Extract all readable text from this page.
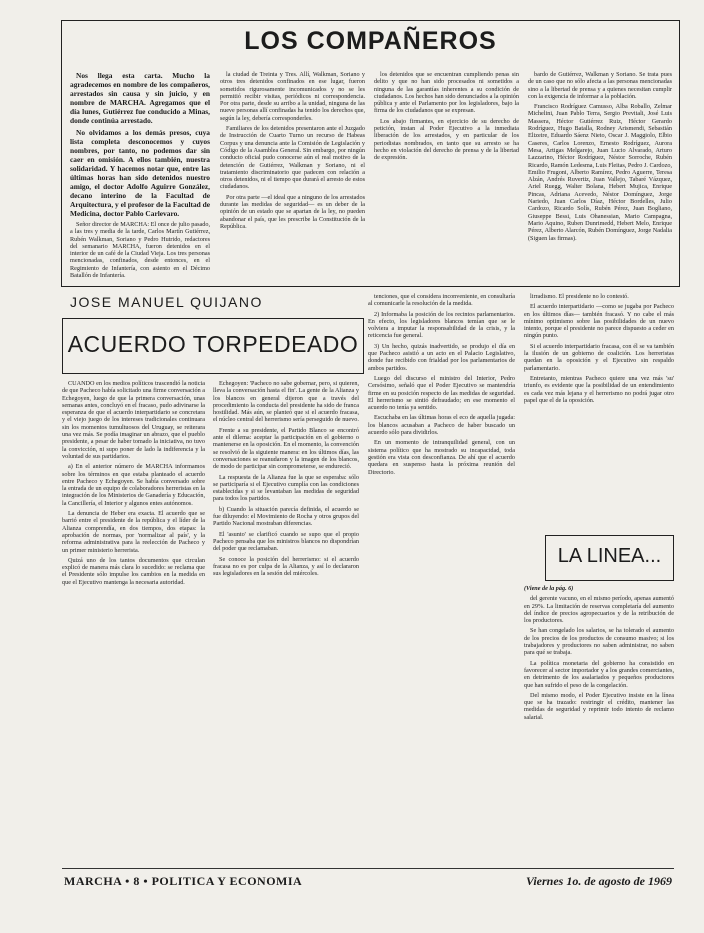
LOS COMPAÑEROS

Nos llega esta carta. Mucho la agradecemos en nombre de los compañeros, arrestados sin causa y sin juicio, y en nombre de MARCHA. Agregamos que el día lunes, Gutiérrez fue conducido a Minas, donde continúa arrestado.

No olvidamos a los demás presos, cuya lista completa desconocemos y cuyos nombres, por tanto, no podemos dar sin caer en omisión. A ellos también, nuestra solidaridad. Y hacemos notar que, entre las últimas horas han sido detenidos nuestro amigo, el doctor Adolfo Aguirre González, decano interino de la Facultad de Arquitectura, y el profesor de la Facultad de Medicina, doctor Pablo Carlevaro.

Señor director de MARCHA: El once de julio pasado, a las tres y media de la tarde, Carlos Martín Gutiérrez, Rubén Walkman, Soriano y Pedro Hutrido, redactores del semanario MARCHA, fueron detenidos en el interior de un café de la Ciudad Vieja. Los tres personas mencionadas, confinados, desde entonces, en el Regimiento de Infantería, con asiento en el Décimo Batallón de Infantería.

la ciudad de Treinta y Tres. Allí, Walkman, Soriano y otros tres detenidos confinados en ese lugar, fueron sometidos rigurosamente incomunicados y no se les permitió recibir visitas, periódicos ni correspondencia. Por otra parte, desde su arribo a la unidad, ninguna de las nueve personas allí confinadas ha tenido los derechos que, según la ley, debería corresponderles.

Familiares de los detenidos presentaron ante el Juzgado de Instrucción de Cuarto Turno un recurso de Habeas Corpus y una denuncia ante la Comisión de Legislación y Código de la Asamblea General. Sin embargo, por ningún conducto oficial pudo conocerse aún el real motivo de la detención de Gutiérrez, Walkman y Soriano, ni el tratamiento discriminatorio que padecen con relación a otros detenidos, ni el tiempo que durará el arresto de estos ciudadanos.

Por otra parte —el ideal que a ninguno de los arrestados durante las medidas de seguridad— es un deber de la opinión de un estado que se apartan de la ley, no pueden abandonar el país, que les prescribe la Constitución de la República.

los detenidos que se encuentran cumpliendo penas sin delito y que no han sido procesados ni sometidos a ninguna de las garantías inherentes a su condición de ciudadanos. Los hechos han sido denunciados a la opinión pública y ante el Parlamento por los legisladores, bajo la firma de los ciudadanos que se expresan.

Los abajo firmantes, en ejercicio de su derecho de petición, instan al Poder Ejecutivo a la inmediata liberación de los arrestados, y en particular de los periodistas nombrados, en tanto que su arresto se ha hecho en violación del derecho de prensa y de la libertad de expresión.

bardo de Gutiérrez, Walkman y Soriano. Se trata pues de un caso que no sólo afecta a las personas mencionadas sino a la libertad de prensa y a quienes necesitan cumplir con la exigencia de informar a la población.

Francisco Rodríguez Camusso, Alba Roballo, Zelmar Michelini, Juan Pablo Terra, Sergio Previtali, José Luis Massera, Héctor Gutiérrez Ruiz, Héctor Gerardo Rodríguez, Hugo Batalla, Rodney Arismendi, Sebastián Elizeire, Eduardo Sáenz Nieto, Oscar J. Maggiolo, Elbio Caseres, Carlos Lorenzo, Ernesto Rodríguez, Aurora Mesa, Artigas Melgarejo, Juan Lucio Alvarado, Arturo Lazzarino, Héctor Rodríguez, Néstor Sorroche, Rubén Ricardo, Ramón Ledesma, Luis Fleitas, Pedro J. Cardozo, Emilio Frugoni, Alberto Ramírez, Pedro Aguerre, Teresa Alzán, Andrés Ruvertiz, Juan Vallejo, Tabaré Vázquez, Ariel Ruegg, Walter Bolana, Hebert Mujica, Enrique Pincas, Adriana Acevedo, Néstor Domínguez, Jorge Nariedo, Juan Carlos Díaz, Héctor Bordelles, Julio Cardozo, Ricardo Solís, Rubén Pérez, Juan Bogliano, Giuseppe Bessi, Luis Ohanessian, Mario Campagna, Mario Aquino, Ruben Dunrimedd, Hebert Melo, Enrique Pérez, Alberto Alarcón, Rubén Domínguez, Jorge Nadalia (Siguen las firmas).

JOSE MANUEL QUIJANO
ACUERDO TORPEDEADO

CUANDO en los medios políticos trascendió la noticia de que Pacheco había solicitado una firme conversación a Echegoyen, luego de que la primera conversación, unas semanas antes, concluyó en el fracaso, pudo adivinarse la esperanza de que el acuerdo interpartidario se concretara y el viejo juego de los intereses tradicionales continuara sin los momentos tumultuosos del Uruguay, se reiterara una vez más. Se podía imaginar un abrazo, que el pueblo presidente, a pesar de haber tomado la iniciativa, no tuvo la convicción, ni supo poner de lado la indiferencia y la voluntad de sus partidarios.

a) En el anterior número de MARCHA informamos sobre los términos en que estaba planteado el acuerdo entre Pacheco y Echegoyen. Se había conversado sobre la entrada de un equipo de colaboradores herreristas en la integración de los Ministerios de Ganadería y Educación, la Cancillería, el Interior y algunos entes autónomos.

La denuncia de Heber era exacta. El acuerdo que se barrió entre el presidente de la república y el líder de la Alianza comprendía, en dos tiempos, dos etapas: la aprobación de normas, por 'normalizar al país', y la reforma administrativa para la reelección de Pacheco y un primer ministerio herrerista.

Quizá uno de los tantos documentos que circulan explicó de manera más clara lo sucedido: se reclama que el Presidente sólo impulse los cambios en la medida en que el Ejecutivo mantenga la necesaria autoridad.

Echegoyen: 'Pacheco no sabe gobernar, pero, si quieren, lleva la conversación hasta el fin'. La gente de la Alianza y los blancos en general dijeron que a través del procedimiento la conducta del presidente ha sido de franca hostilidad. Más aún, se planteó que si el acuerdo fracasa, el núcleo central del herrerismo sería perseguido de nuevo.

Frente a su presidente, el Partido Blanco se encontró ante el dilema: aceptar la participación en el gobierno o mantenerse en la oposición. En el momento, la convención se resolvió de la siguiente manera: en los últimos días, las conversaciones se reanudaron y la imagen de los blancos, de modo de participar sin comprometerse, se endureció.

La respuesta de la Alianza fue la que se esperaba: sólo se participaría si el Ejecutivo cumplía con las condiciones establecidas y si se levantaban las medidas de seguridad para todos los partidos.

b) Cuando la situación parecía definida, el acuerdo se fue diluyendo: el Movimiento de Rocha y otros grupos del Partido Nacional mostraban diferencias.

El 'asunto' se clarificó cuando se supo que el propio Pacheco pensaba que los ministros blancos no dispondrían del poder que reclamaban.

Se conoce la posición del herrerismo: si el acuerdo fracasa no es por culpa de la Alianza, y así lo declararon sus legisladores en la sesión del miércoles.

tenciones, que el considera inconveniente, en consultaría al comunicarle la resolución de la medida.

2) Informaba la posición de los recintos parlamentarios. En efecto, los legisladores blancos temían que se le volviera a imputar la responsabilidad de la crisis, y la reticencia fue general.

3) Un hecho, quizás inadvertido, se produjo el día en que Pacheco asistió a un acto en el Palacio Legislativo, donde fue recibido con frialdad por los parlamentarios de ambos partidos.

Luego del discurso el ministro del Interior, Pedro Cersósimo, señaló que el Poder Ejecutivo se mantendría firme en su posición respecto de las medidas de seguridad. El herrerismo se sintió defraudado; en ese momento el acuerdo no tenía ya sentido.

Escuchaba en las últimas horas el eco de aquella jugada: los blancos acusaban a Pacheco de haber buscado un acuerdo sólo para dividirlos.

En un momento de intranquilidad general, con un sistema político que ha mostrado su incapacidad, toda gestión era vista con desconfianza. De ahí que el acuerdo quedara en suspenso hasta la próxima reunión del Directorio.

lirradismo. El presidente no lo contestó.

El acuerdo interpartidario —como se jugaba por Pacheco en los últimos días— también fracasó. Y no cabe el más mínimo optimismo sobre las posibilidades de un nuevo intento, porque el presidente no parece dispuesto a ceder en ningún punto.

Si el acuerdo interpartidario fracasa, con él se va también la ilusión de un gobierno de coalición. Los herreristas quedan en la oposición y el Ejecutivo sin respaldo parlamentario.

Entretanto, mientras Pacheco quiere una vez más 'su' triunfo, es evidente que la posibilidad de un entendimiento es cada vez más lejana y el herrerismo no podrá jugar otro papel que el de la oposición.

LA LINEA...

(Viene de la pág. 6)

del gerente vacuno, en el mismo período, apenas aumentó en 29%. La limitación de reservas completaría del aumento del índice de precios agropecuarios y de la retribución de los productores.

Se han congelado los salarios, se ha tolerado el aumento de los precios de los productos de consumo masivo; si los trabajadores y productores no saben administrar, no saben para qué se trabaja.

La política monetaria del gobierno ha consistido en favorecer al sector importador y a los grandes comerciantes, en detrimento de los asalariados y pequeños productores que han sufrido el peso de la congelación.

Del mismo modo, el Poder Ejecutivo insiste en la línea que se ha trazado: restringir el crédito, mantener las medidas de seguridad y reprimir todo intento de reclamo salarial.

MARCHA • 8 • POLITICA Y ECONOMIA	Viernes 1o. de agosto de 1969
